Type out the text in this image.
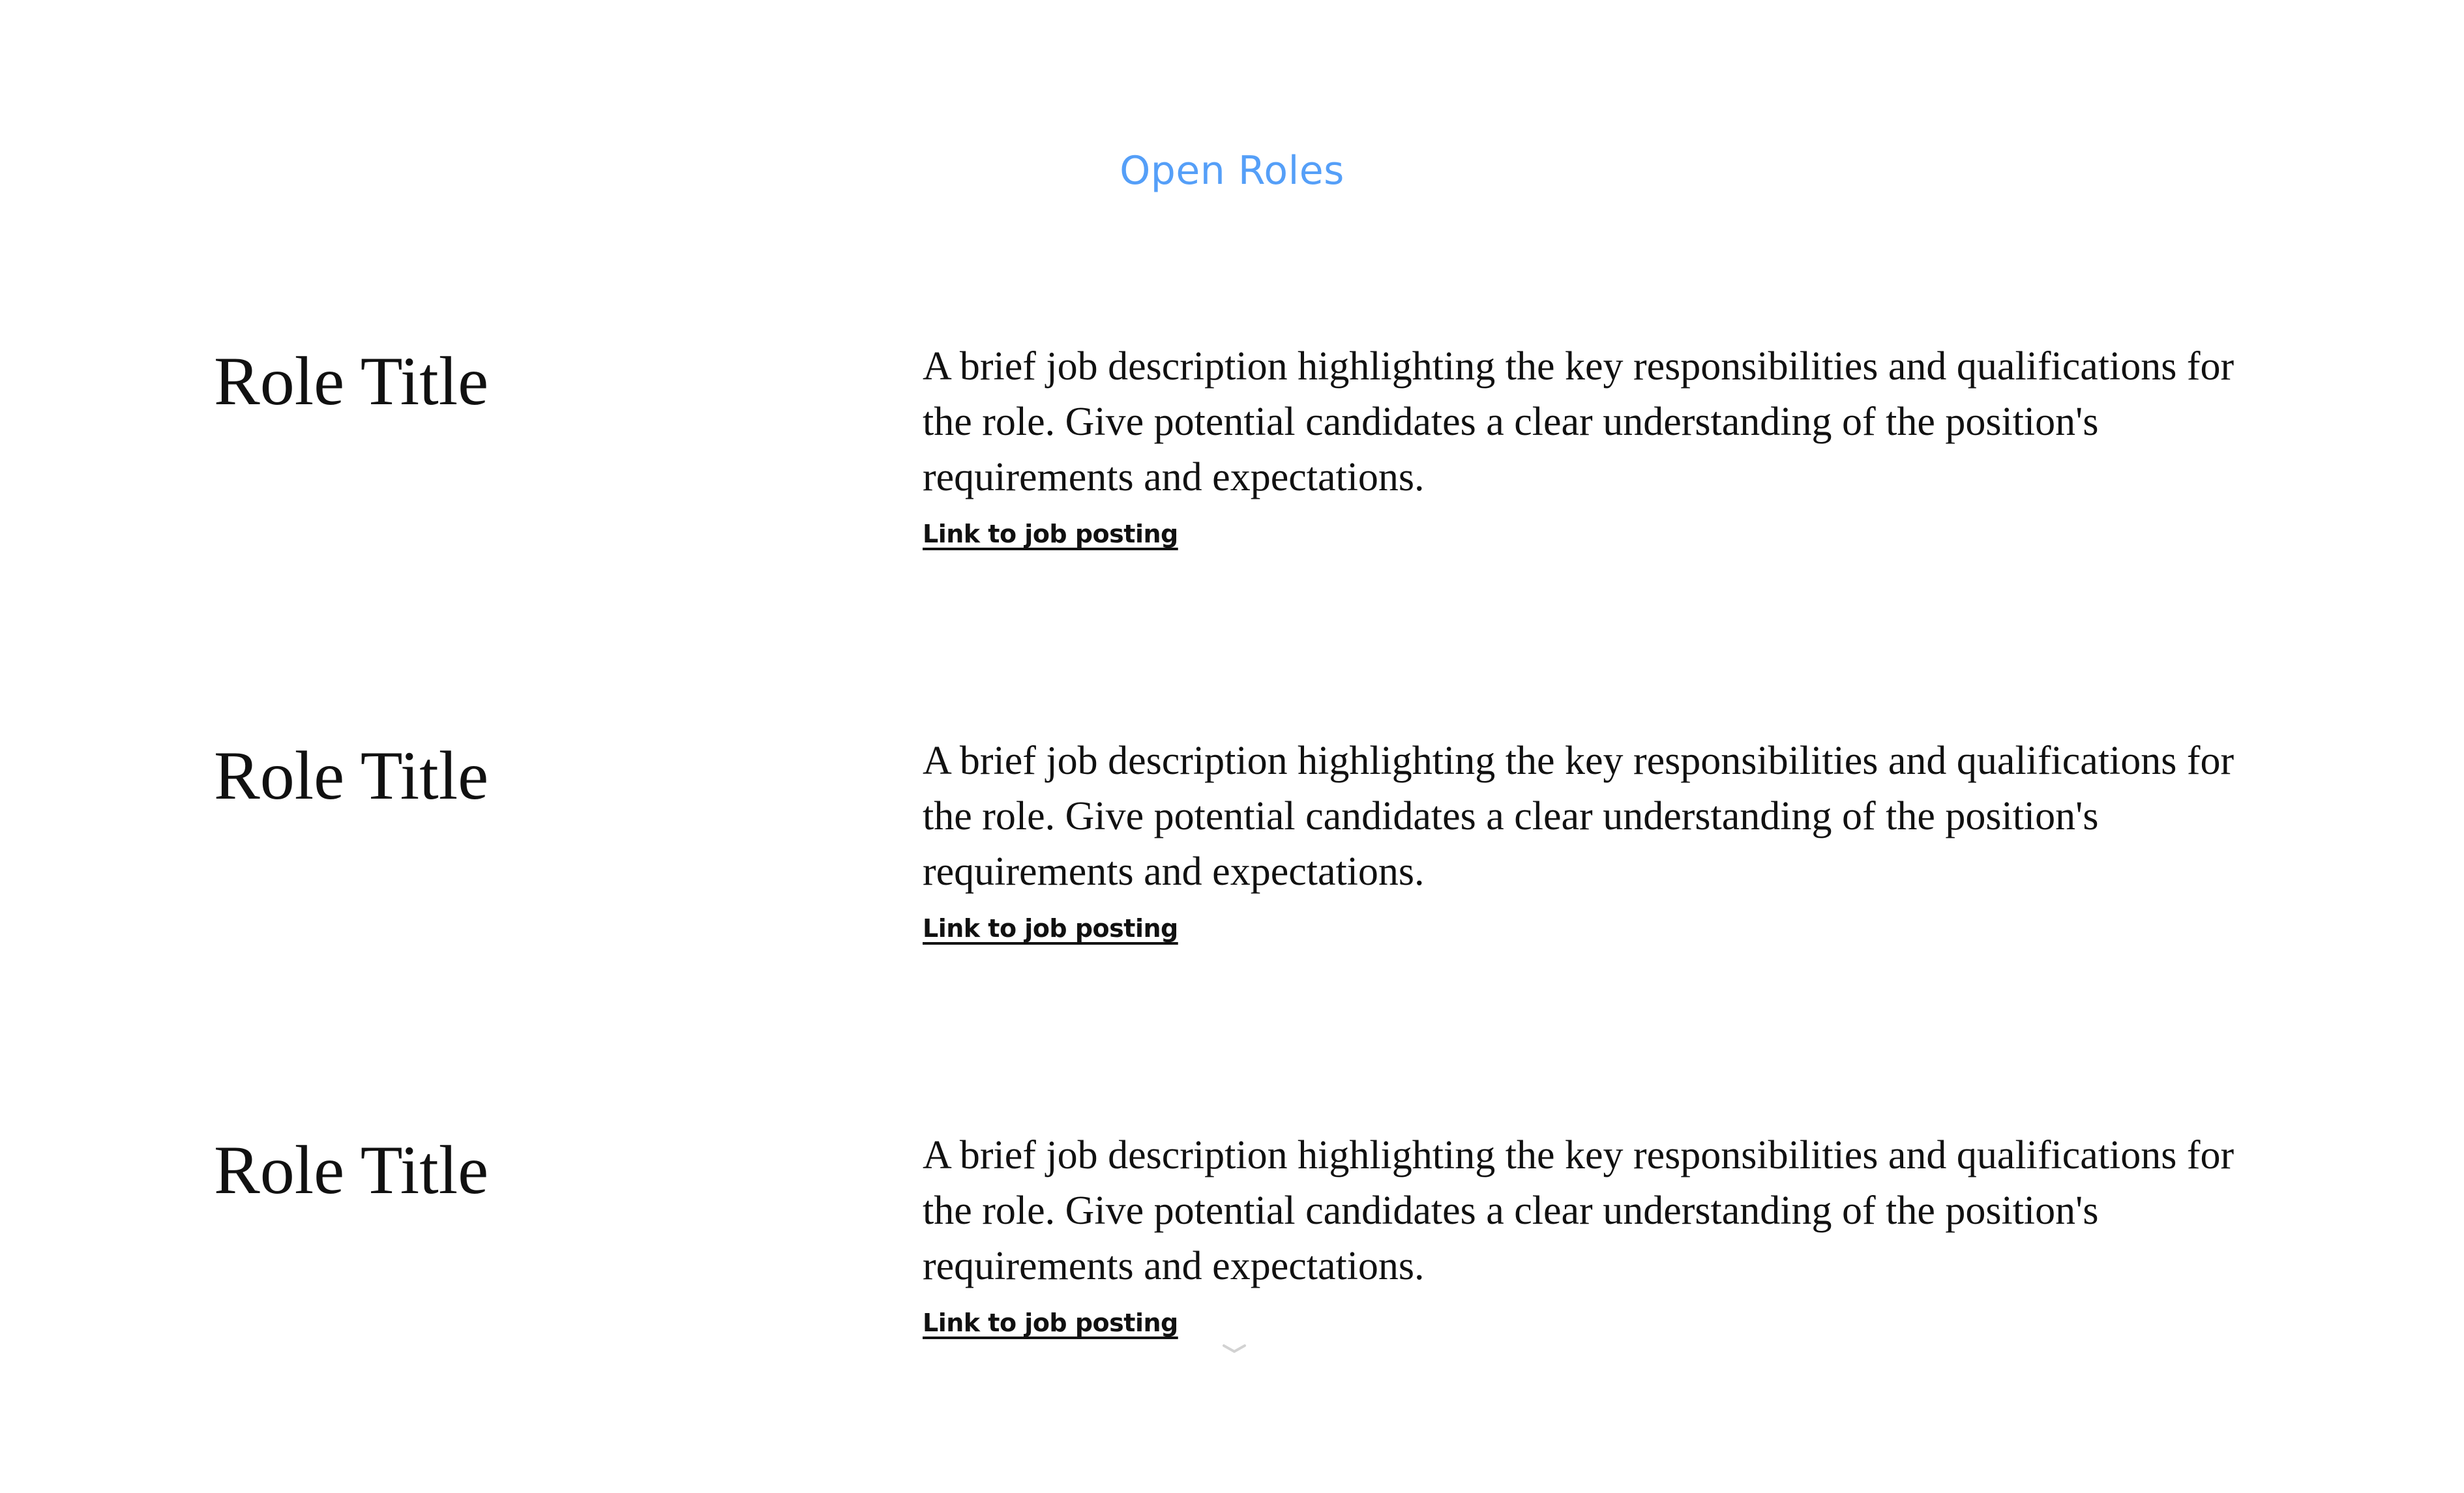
Open Roles
Role Title	A brief job description highlighting the key responsibilities and qualifications for the role. Give potential candidates a clear understanding of the position's requirements and expectations.

Link to job posting
Role Title	A brief job description highlighting the key responsibilities and qualifications for the role. Give potential candidates a clear understanding of the position's requirements and expectations.

Link to job posting
Role Title	A brief job description highlighting the key responsibilities and qualifications for the role. Give potential candidates a clear understanding of the position's requirements and expectations.

Link to job posting
